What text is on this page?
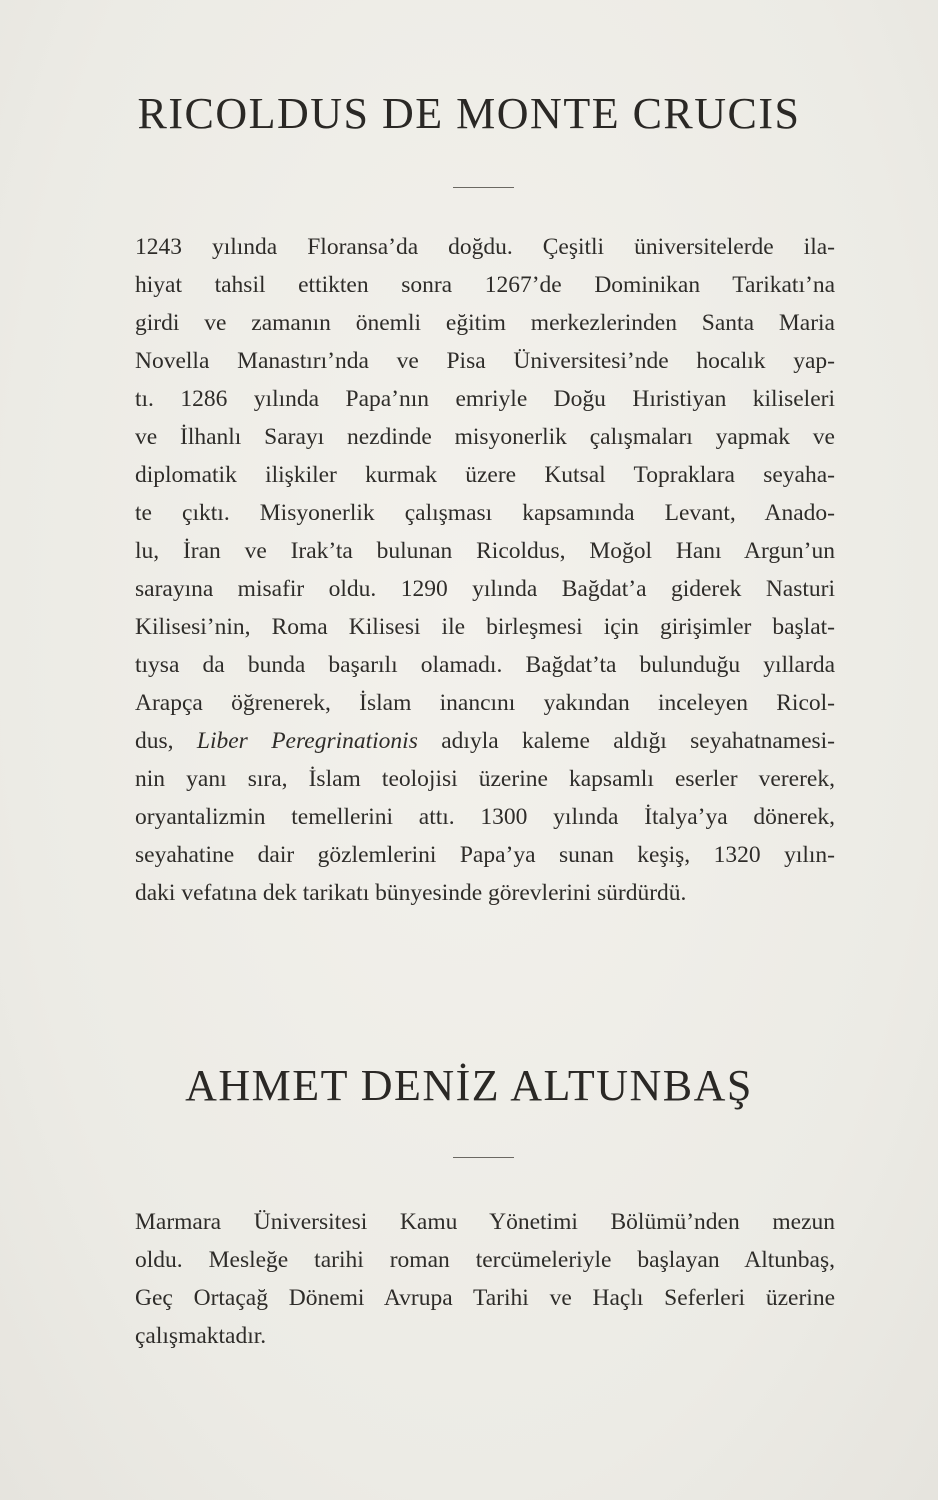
RICOLDUS DE MONTE CRUCIS
1243 yılında Floransa’da doğdu. Çeşitli üniversitelerde ila-
hiyat tahsil ettikten sonra 1267’de Dominikan Tarikatı’na
girdi ve zamanın önemli eğitim merkezlerinden Santa Maria
Novella Manastırı’nda ve Pisa Üniversitesi’nde hocalık yap-
tı. 1286 yılında Papa’nın emriyle Doğu Hıristiyan kiliseleri
ve İlhanlı Sarayı nezdinde misyonerlik çalışmaları yapmak ve
diplomatik ilişkiler kurmak üzere Kutsal Topraklara seyaha-
te çıktı. Misyonerlik çalışması kapsamında Levant, Anado-
lu, İran ve Irak’ta bulunan Ricoldus, Moğol Hanı Argun’un
sarayına misafir oldu. 1290 yılında Bağdat’a giderek Nasturi
Kilisesi’nin, Roma Kilisesi ile birleşmesi için girişimler başlat-
tıysa da bunda başarılı olamadı. Bağdat’ta bulunduğu yıllarda
Arapça öğrenerek, İslam inancını yakından inceleyen Ricol-
dus, Liber Peregrinationis adıyla kaleme aldığı seyahatnamesi-
nin yanı sıra, İslam teolojisi üzerine kapsamlı eserler vererek,
oryantalizmin temellerini attı. 1300 yılında İtalya’ya dönerek,
seyahatine dair gözlemlerini Papa’ya sunan keşiş, 1320 yılın-
daki vefatına dek tarikatı bünyesinde görevlerini sürdürdü.
AHMET DENİZ ALTUNBAŞ
Marmara Üniversitesi Kamu Yönetimi Bölümü’nden mezun
oldu. Mesleğe tarihi roman tercümeleriyle başlayan Altunbaş,
Geç Ortaçağ Dönemi Avrupa Tarihi ve Haçlı Seferleri üzerine
çalışmaktadır.
